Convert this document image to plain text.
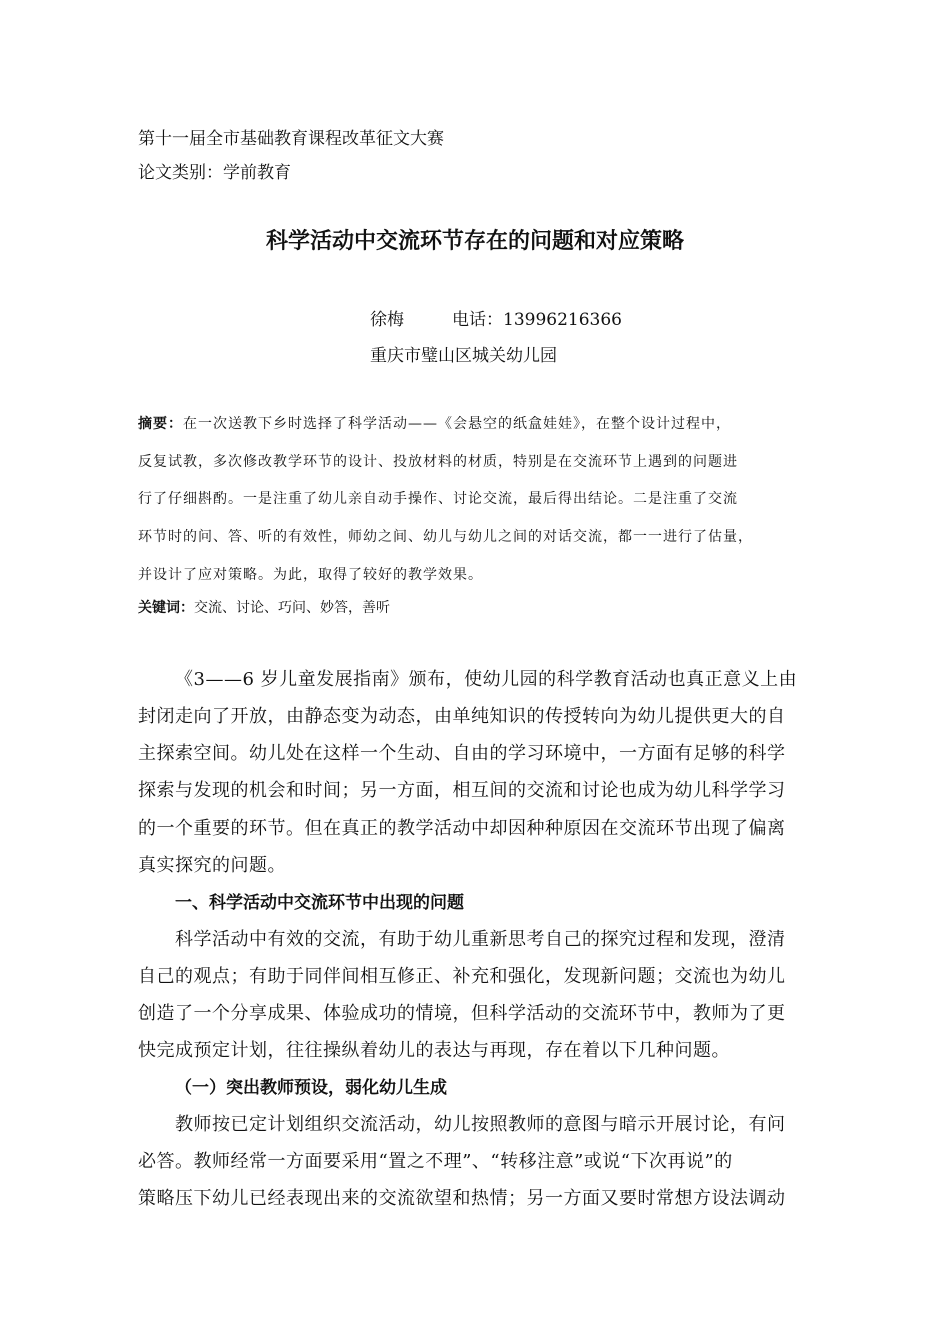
第十一届全市基础教育课程改革征文大赛
论文类别：学前教育
科学活动中交流环节存在的问题和对应策略
徐梅	电话：13996216366
重庆市璧山区城关幼儿园
摘要：在一次送教下乡时选择了科学活动——《会悬空的纸盒娃娃》，在整个设计过程中，
反复试教，多次修改教学环节的设计、投放材料的材质，特别是在交流环节上遇到的问题进
行了仔细斟酌。一是注重了幼儿亲自动手操作、讨论交流，最后得出结论。二是注重了交流
环节时的问、答、听的有效性，师幼之间、幼儿与幼儿之间的对话交流，都一一进行了估量，
并设计了应对策略。为此，取得了较好的教学效果。
关键词：交流、讨论、巧问、妙答，善听
《3——6 岁儿童发展指南》颁布，使幼儿园的科学教育活动也真正意义上由
封闭走向了开放，由静态变为动态，由单纯知识的传授转向为幼儿提供更大的自
主探索空间。幼儿处在这样一个生动、自由的学习环境中，一方面有足够的科学
探索与发现的机会和时间；另一方面，相互间的交流和讨论也成为幼儿科学学习
的一个重要的环节。但在真正的教学活动中却因种种原因在交流环节出现了偏离
真实探究的问题。
一、科学活动中交流环节中出现的问题
科学活动中有效的交流，有助于幼儿重新思考自己的探究过程和发现，澄清
自己的观点；有助于同伴间相互修正、补充和强化，发现新问题；交流也为幼儿
创造了一个分享成果、体验成功的情境，但科学活动的交流环节中，教师为了更
快完成预定计划，往往操纵着幼儿的表达与再现，存在着以下几种问题。
（一）突出教师预设，弱化幼儿生成
教师按已定计划组织交流活动，幼儿按照教师的意图与暗示开展讨论，有问
必答。教师经常一方面要采用“置之不理”、“转移注意”或说“下次再说”的
策略压下幼儿已经表现出来的交流欲望和热情；另一方面又要时常想方设法调动
